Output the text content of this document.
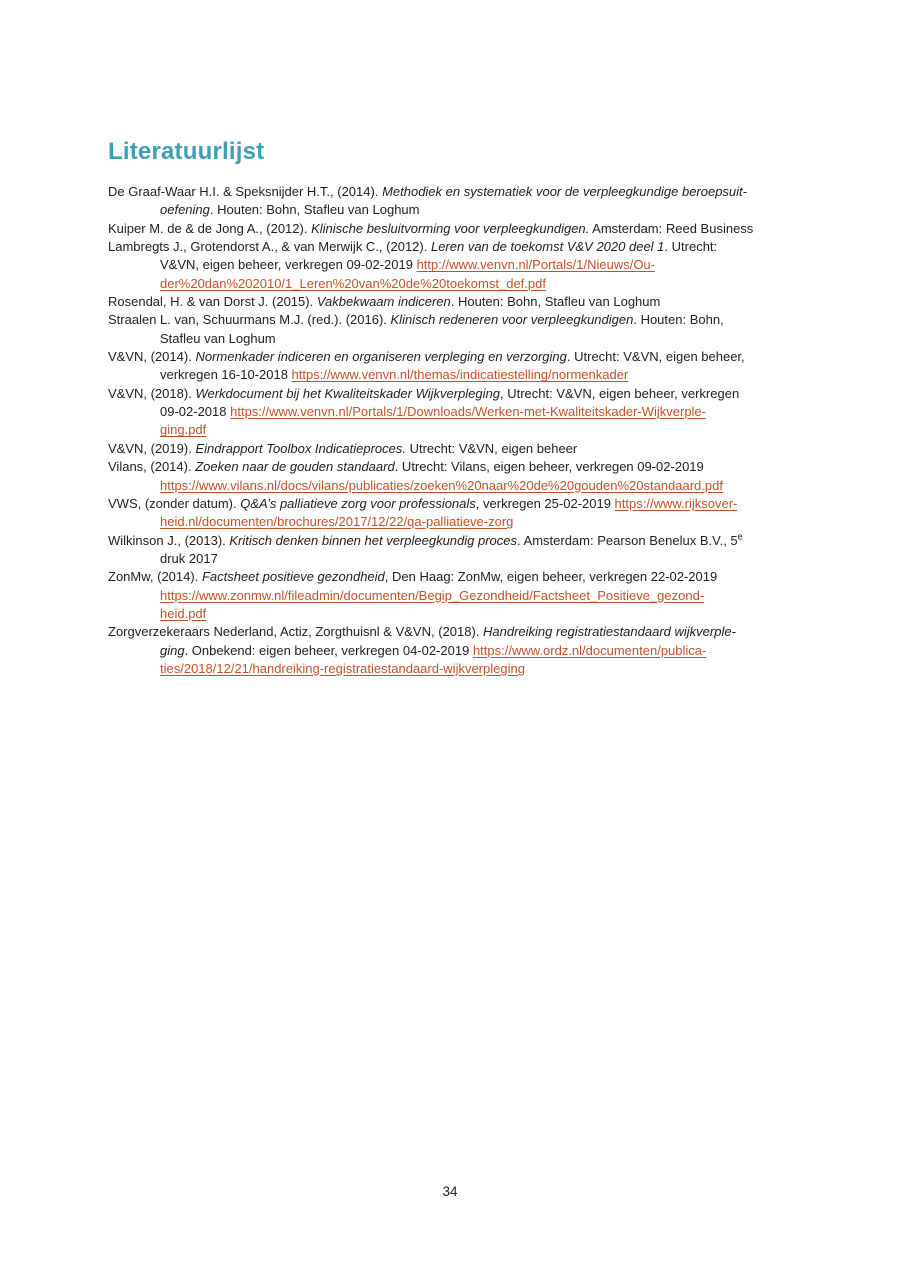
Literatuurlijst
De Graaf-Waar H.I. & Speksnijder H.T., (2014). Methodiek en systematiek voor de verpleegkundige beroepsuit-
oefening. Houten: Bohn, Stafleu van Loghum
Kuiper M. de & de Jong A., (2012). Klinische besluitvorming voor verpleegkundigen. Amsterdam: Reed Business
Lambregts J., Grotendorst A., & van Merwijk C., (2012). Leren van de toekomst V&V 2020 deel 1. Utrecht:
V&VN, eigen beheer, verkregen 09-02-2019 http://www.venvn.nl/Portals/1/Nieuws/Ou-
der%20dan%202010/1_Leren%20van%20de%20toekomst_def.pdf
Rosendal, H. & van Dorst J. (2015). Vakbekwaam indiceren. Houten: Bohn, Stafleu van Loghum
Straalen L. van, Schuurmans M.J. (red.). (2016). Klinisch redeneren voor verpleegkundigen. Houten: Bohn,
Stafleu van Loghum
V&VN, (2014). Normenkader indiceren en organiseren verpleging en verzorging. Utrecht: V&VN, eigen beheer,
verkregen 16-10-2018 https://www.venvn.nl/themas/indicatiestelling/normenkader
V&VN, (2018). Werkdocument bij het Kwaliteitskader Wijkverpleging, Utrecht: V&VN, eigen beheer, verkregen
09-02-2018 https://www.venvn.nl/Portals/1/Downloads/Werken-met-Kwaliteitskader-Wijkverple-
ging.pdf
V&VN, (2019). Eindrapport Toolbox Indicatieproces. Utrecht: V&VN, eigen beheer
Vilans, (2014). Zoeken naar de gouden standaard. Utrecht: Vilans, eigen beheer, verkregen 09-02-2019
https://www.vilans.nl/docs/vilans/publicaties/zoeken%20naar%20de%20gouden%20standaard.pdf
VWS, (zonder datum). Q&A’s palliatieve zorg voor professionals, verkregen 25-02-2019 https://www.rijksover-
heid.nl/documenten/brochures/2017/12/22/qa-palliatieve-zorg
Wilkinson J., (2013). Kritisch denken binnen het verpleegkundig proces. Amsterdam: Pearson Benelux B.V., 5e
druk 2017
ZonMw, (2014). Factsheet positieve gezondheid, Den Haag: ZonMw, eigen beheer, verkregen 22-02-2019
https://www.zonmw.nl/fileadmin/documenten/Begip_Gezondheid/Factsheet_Positieve_gezond-
heid.pdf
Zorgverzekeraars Nederland, Actiz, Zorgthuisnl & V&VN, (2018). Handreiking registratiestandaard wijkverple-
ging. Onbekend: eigen beheer, verkregen 04-02-2019 https://www.ordz.nl/documenten/publica-
ties/2018/12/21/handreiking-registratiestandaard-wijkverpleging
34
